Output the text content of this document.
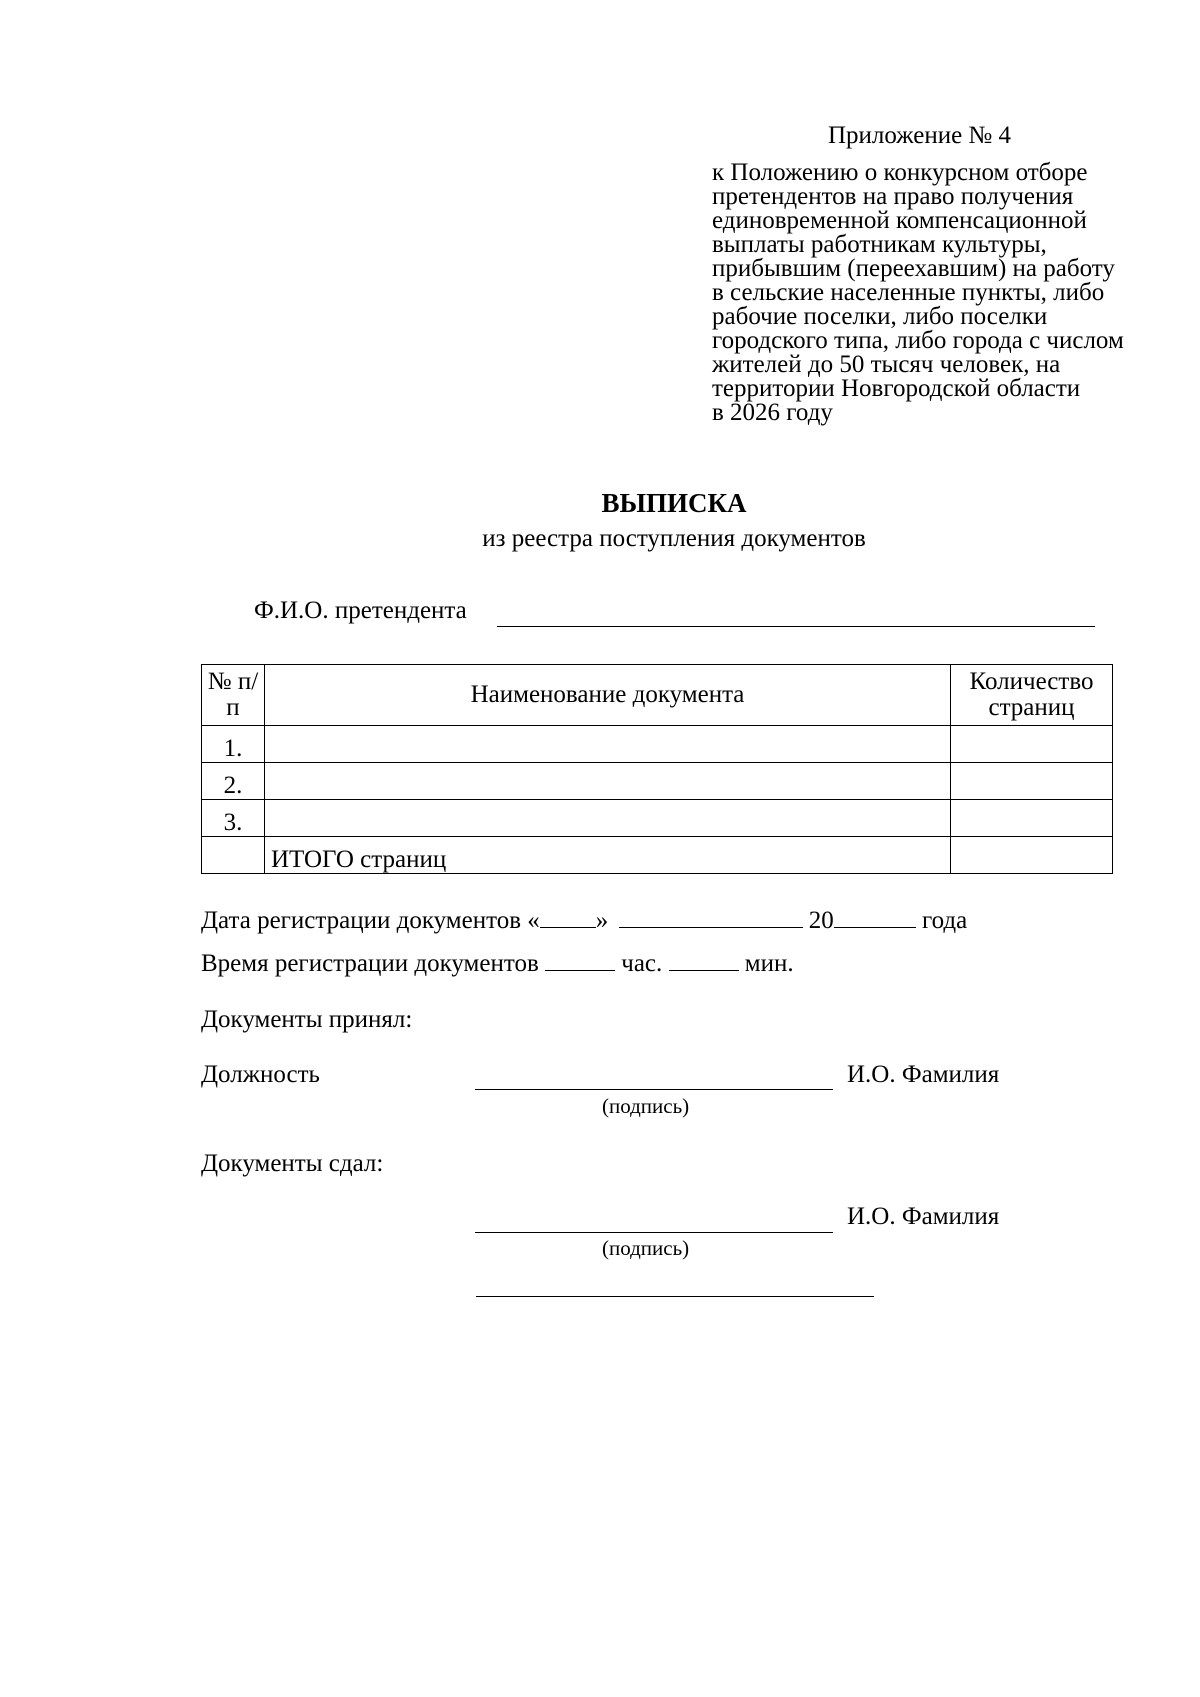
Приложение № 4
к Положению о конкурсном отборе
претендентов на право получения
единовременной компенсационной
выплаты работникам культуры,
прибывшим (переехавшим) на работу
в сельские населенные пункты, либо
рабочие поселки, либо поселки
городского типа, либо города с числом
жителей до 50 тысяч человек, на
территории Новгородской области
в 2026 году
ВЫПИСКА
из реестра поступления документов
Ф.И.О. претендента
№ п/п	Наименование документа	Количество страниц

1.		
2.		
3.		
	ИТОГО страниц	
Дата регистрации документов « »	20	года
Время регистрации документов	час.	мин.
Документы принял:
Должность	И.О. Фамилия
(подпись)
Документы сдал:
И.О. Фамилия
(подпись)
